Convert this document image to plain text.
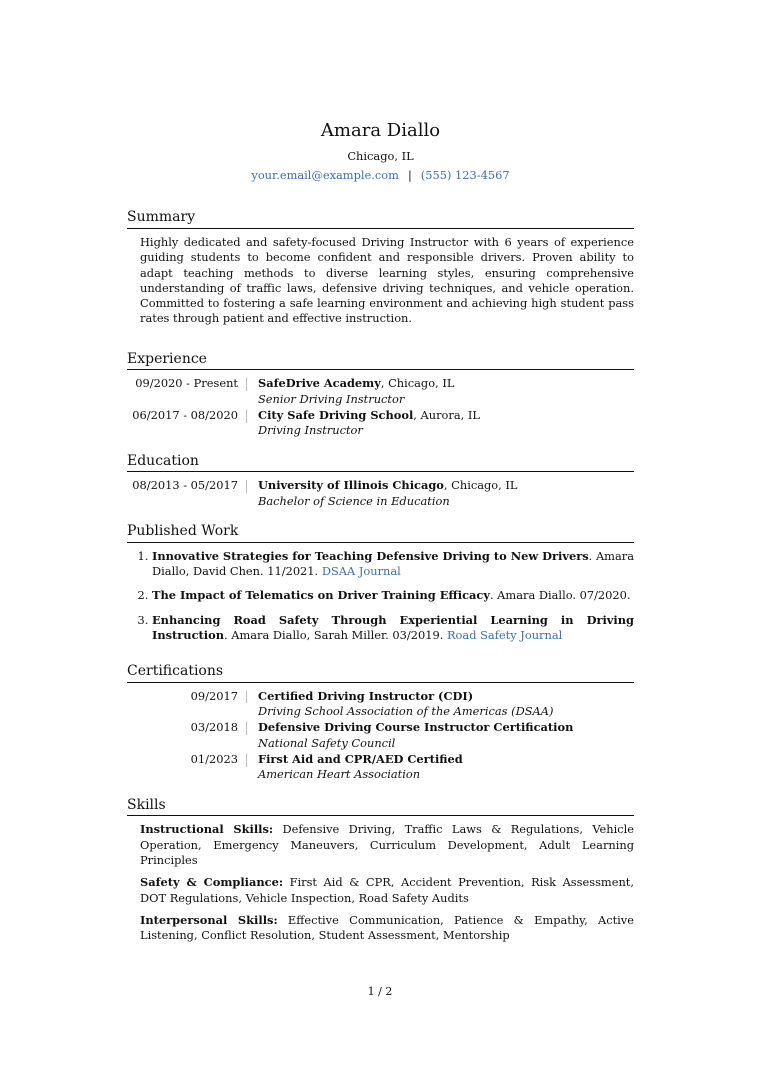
Amara Diallo
Chicago, IL
your.email@example.com | (555) 123-4567
Summary
Highly dedicated and safety-focused Driving Instructor with 6 years of experience guiding students to become confident and responsible drivers. Proven ability to adapt teaching methods to diverse learning styles, ensuring comprehensive understanding of traffic laws, defensive driving techniques, and vehicle operation. Committed to fostering a safe learning environment and achieving high student pass rates through patient and effective instruction.
Experience
09/2020 - Present	SafeDrive Academy, Chicago, IL
Senior Driving Instructor
06/2017 - 08/2020	City Safe Driving School, Aurora, IL
Driving Instructor
Education
08/2013 - 05/2017	University of Illinois Chicago, Chicago, IL
Bachelor of Science in Education
Published Work
1. Innovative Strategies for Teaching Defensive Driving to New Drivers. Amara Diallo, David Chen. 11/2021. DSAA Journal
2. The Impact of Telematics on Driver Training Efficacy. Amara Diallo. 07/2020.
3. Enhancing Road Safety Through Experiential Learning in Driving Instruction. Amara Diallo, Sarah Miller. 03/2019. Road Safety Journal
Certifications
09/2017	Certified Driving Instructor (CDI)
Driving School Association of the Americas (DSAA)
03/2018	Defensive Driving Course Instructor Certification
National Safety Council
01/2023	First Aid and CPR/AED Certified
American Heart Association
Skills
Instructional Skills: Defensive Driving, Traffic Laws & Regulations, Vehicle Operation, Emergency Maneuvers, Curriculum Development, Adult Learning Principles
Safety & Compliance: First Aid & CPR, Accident Prevention, Risk Assessment, DOT Regulations, Vehicle Inspection, Road Safety Audits
Interpersonal Skills: Effective Communication, Patience & Empathy, Active Listening, Conflict Resolution, Student Assessment, Mentorship
1 / 2
